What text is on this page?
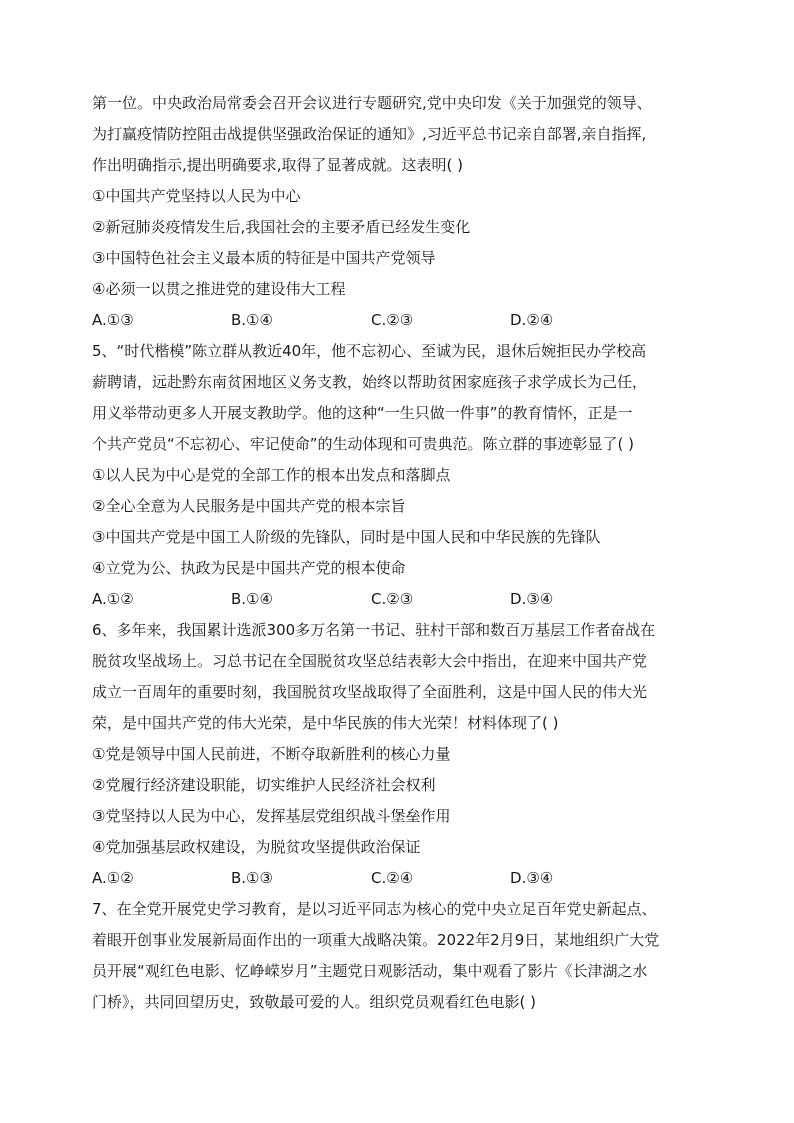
第一位。中央政治局常委会召开会议进行专题研究,党中央印发《关于加强党的领导、
为打赢疫情防控阻击战提供坚强政治保证的通知》,习近平总书记亲自部署,亲自指挥,
作出明确指示,提出明确要求,取得了显著成就。这表明( )
①中国共产党坚持以人民为中心
②新冠肺炎疫情发生后,我国社会的主要矛盾已经发生变化
③中国特色社会主义最本质的特征是中国共产党领导
④必须一以贯之推进党的建设伟大工程
A.①③	B.①④	C.②③	D.②④
5、“时代楷模”陈立群从教近40年，他不忘初心、至诚为民，退休后婉拒民办学校高
薪聘请，远赴黔东南贫困地区义务支教，始终以帮助贫困家庭孩子求学成长为己任，
用义举带动更多人开展支教助学。他的这种“一生只做一件事”的教育情怀，正是一
个共产党员“不忘初心、牢记使命”的生动体现和可贵典范。陈立群的事迹彰显了( )
①以人民为中心是党的全部工作的根本出发点和落脚点
②全心全意为人民服务是中国共产党的根本宗旨
③中国共产党是中国工人阶级的先锋队，同时是中国人民和中华民族的先锋队
④立党为公、执政为民是中国共产党的根本使命
A.①②	B.①④	C.②③	D.③④
6、多年来，我国累计选派300多万名第一书记、驻村干部和数百万基层工作者奋战在
脱贫攻坚战场上。习总书记在全国脱贫攻坚总结表彰大会中指出，在迎来中国共产党
成立一百周年的重要时刻，我国脱贫攻坚战取得了全面胜利，这是中国人民的伟大光
荣，是中国共产党的伟大光荣，是中华民族的伟大光荣！材料体现了( )
①党是领导中国人民前进，不断夺取新胜利的核心力量
②党履行经济建设职能，切实维护人民经济社会权利
③党坚持以人民为中心，发挥基层党组织战斗堡垒作用
④党加强基层政权建设，为脱贫攻坚提供政治保证
A.①②	B.①③	C.②④	D.③④
7、在全党开展党史学习教育，是以习近平同志为核心的党中央立足百年党史新起点、
着眼开创事业发展新局面作出的一项重大战略决策。2022年2月9日，某地组织广大党
员开展“观红色电影、忆峥嵘岁月”主题党日观影活动，集中观看了影片《长津湖之水
门桥》，共同回望历史，致敬最可爱的人。组织党员观看红色电影( )
